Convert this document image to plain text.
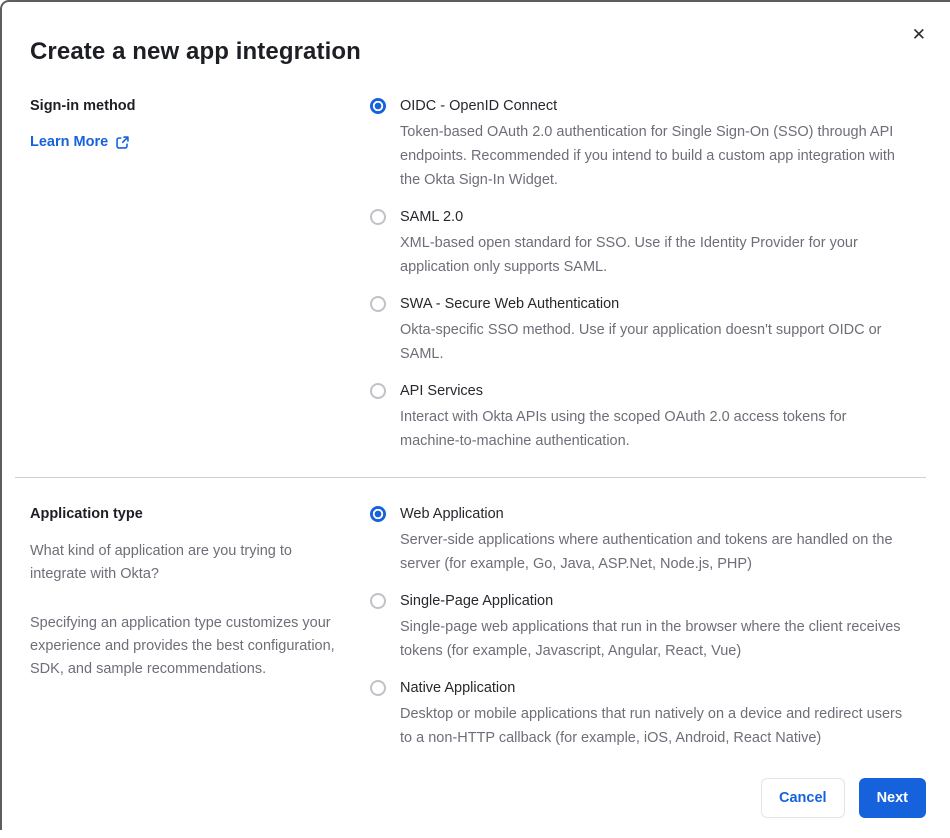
✕
Create a new app integration
Sign-in method
Learn More
OIDC - OpenID Connect
Token-based OAuth 2.0 authentication for Single Sign-On (SSO) through API endpoints. Recommended if you intend to build a custom app integration with the Okta Sign-In Widget.
SAML 2.0
XML-based open standard for SSO. Use if the Identity Provider for your application only supports SAML.
SWA - Secure Web Authentication
Okta-specific SSO method. Use if your application doesn't support OIDC or SAML.
API Services
Interact with Okta APIs using the scoped OAuth 2.0 access tokens for machine-to-machine authentication.
Application type

What kind of application are you trying to integrate with Okta?

Specifying an application type customizes your experience and provides the best configuration, SDK, and sample recommendations.

Web Application
Server-side applications where authentication and tokens are handled on the server (for example, Go, Java, ASP.Net, Node.js, PHP)
Single-Page Application
Single-page web applications that run in the browser where the client receives tokens (for example, Javascript, Angular, React, Vue)
Native Application
Desktop or mobile applications that run natively on a device and redirect users to a non-HTTP callback (for example, iOS, Android, React Native)
Cancel	Next
